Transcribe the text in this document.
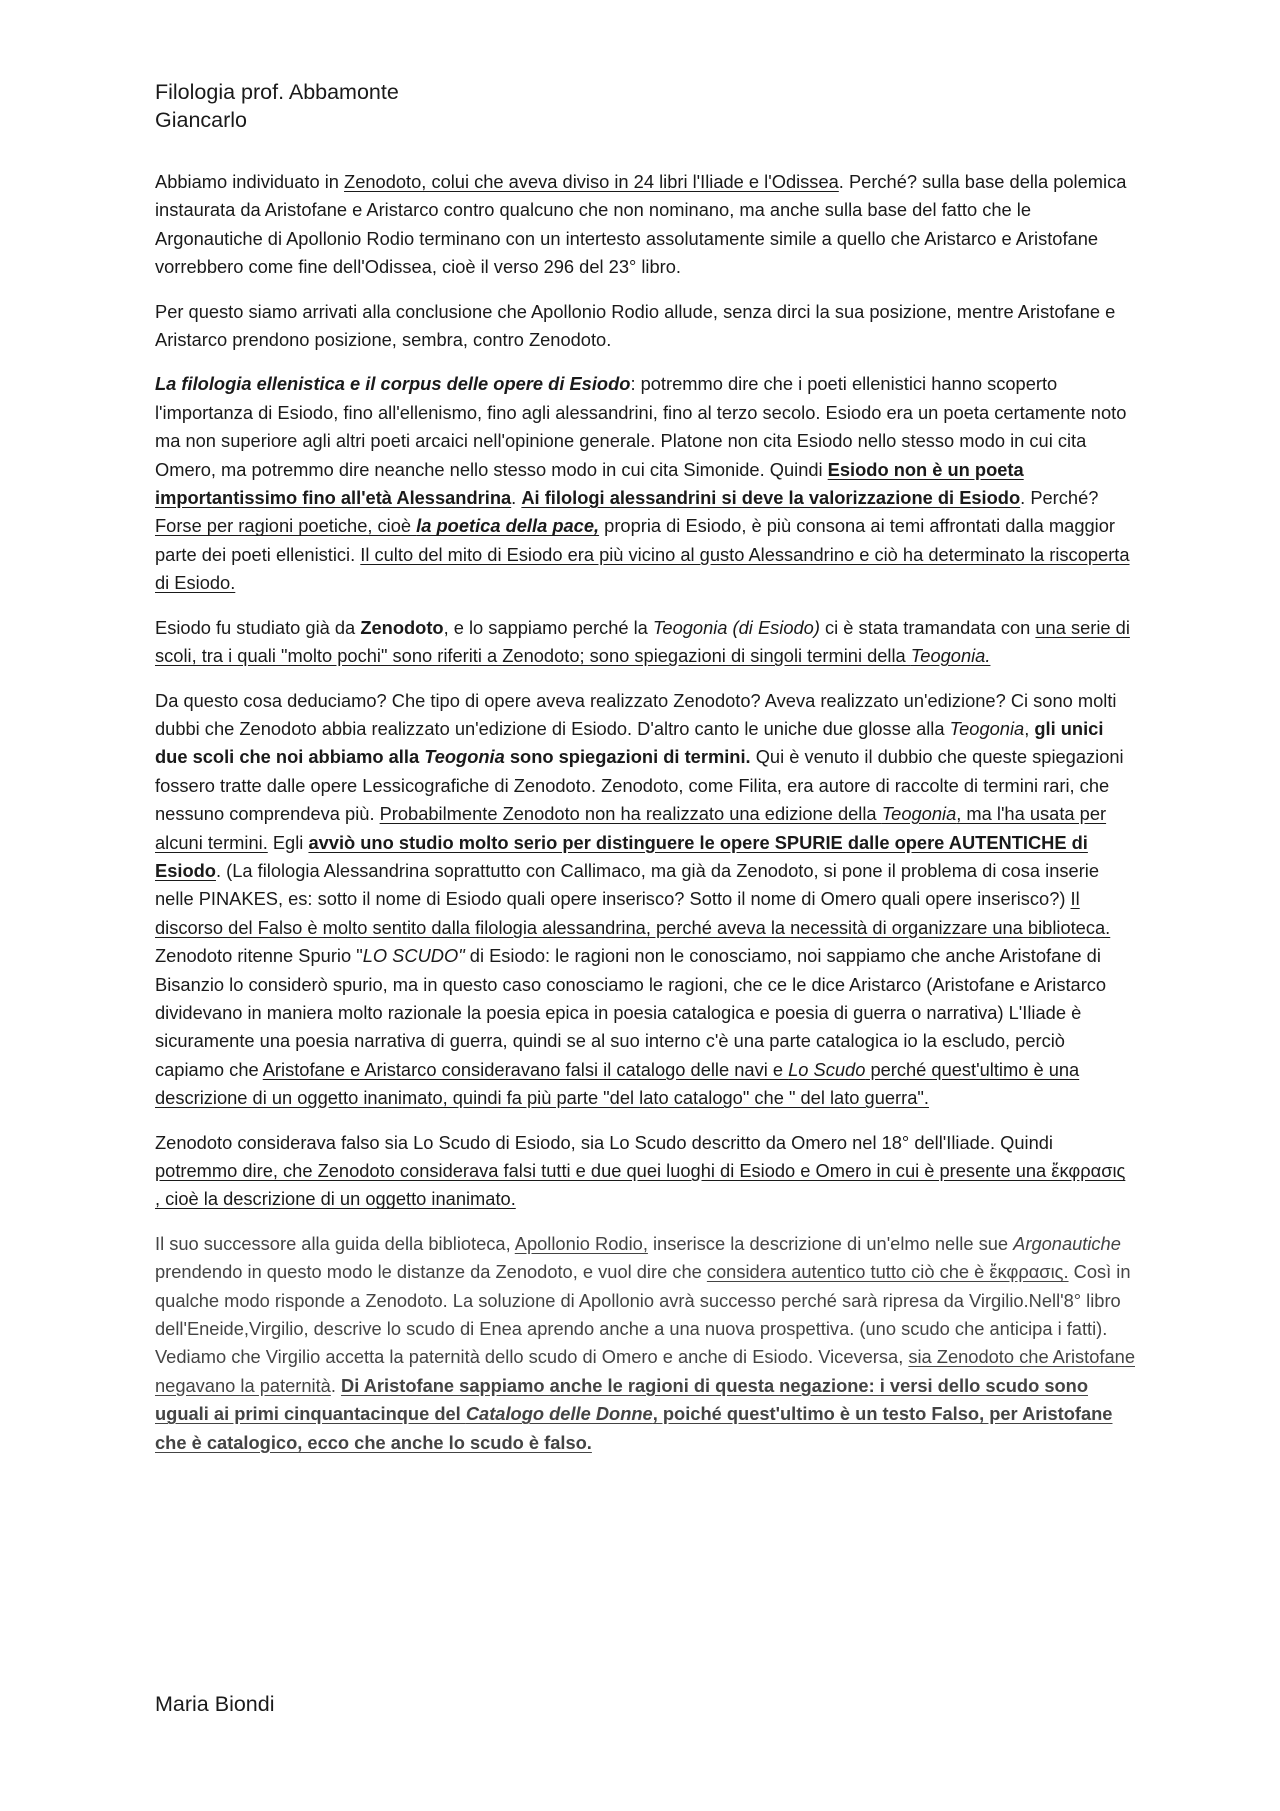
Filologia prof. Abbamonte

Giancarlo

Abbiamo individuato in Zenodoto, colui che aveva diviso in 24 libri l'Iliade e l'Odissea. Perché? sulla base della polemica instaurata da Aristofane e Aristarco contro qualcuno che non nominano, ma anche sulla base del fatto che le Argonautiche di Apollonio Rodio terminano con un intertesto assolutamente simile a quello che Aristarco e Aristofane vorrebbero come fine dell'Odissea, cioè il verso 296 del 23° libro.

Per questo siamo arrivati alla conclusione che Apollonio Rodio allude, senza dirci la sua posizione, mentre Aristofane e Aristarco prendono posizione, sembra, contro Zenodoto.

La filologia ellenistica e il corpus delle opere di Esiodo: potremmo dire che i poeti ellenistici hanno scoperto l'importanza di Esiodo, fino all'ellenismo, fino agli alessandrini, fino al terzo secolo. Esiodo era un poeta certamente noto ma non superiore agli altri poeti arcaici nell'opinione generale. Platone non cita Esiodo nello stesso modo in cui cita Omero, ma potremmo dire neanche nello stesso modo in cui cita Simonide. Quindi Esiodo non è un poeta importantissimo fino all'età Alessandrina. Ai filologi alessandrini si deve la valorizzazione di Esiodo. Perché? Forse per ragioni poetiche, cioè la poetica della pace, propria di Esiodo, è più consona ai temi affrontati dalla maggior parte dei poeti ellenistici. Il culto del mito di Esiodo era più vicino al gusto Alessandrino e ciò ha determinato la riscoperta di Esiodo.

Esiodo fu studiato già da Zenodoto, e lo sappiamo perché la Teogonia (di Esiodo) ci è stata tramandata con una serie di scoli, tra i quali "molto pochi" sono riferiti a Zenodoto; sono spiegazioni di singoli termini della Teogonia.

Da questo cosa deduciamo? Che tipo di opere aveva realizzato Zenodoto? Aveva realizzato un'edizione? Ci sono molti dubbi che Zenodoto abbia realizzato un'edizione di Esiodo. D'altro canto le uniche due glosse alla Teogonia, gli unici due scoli che noi abbiamo alla Teogonia sono spiegazioni di termini. Qui è venuto il dubbio che queste spiegazioni fossero tratte dalle opere Lessicografiche di Zenodoto. Zenodoto, come Filita, era autore di raccolte di termini rari, che nessuno comprendeva più. Probabilmente Zenodoto non ha realizzato una edizione della Teogonia, ma l'ha usata per alcuni termini. Egli avviò uno studio molto serio per distinguere le opere SPURIE dalle opere AUTENTICHE di Esiodo. (La filologia Alessandrina soprattutto con Callimaco, ma già da Zenodoto, si pone il problema di cosa inserie nelle PINAKES, es: sotto il nome di Esiodo quali opere inserisco? Sotto il nome di Omero quali opere inserisco?) Il discorso del Falso è molto sentito dalla filologia alessandrina, perché aveva la necessità di organizzare una biblioteca. Zenodoto ritenne Spurio "LO SCUDO" di Esiodo: le ragioni non le conosciamo, noi sappiamo che anche Aristofane di Bisanzio lo considerò spurio, ma in questo caso conosciamo le ragioni, che ce le dice Aristarco (Aristofane e Aristarco dividevano in maniera molto razionale la poesia epica in poesia catalogica e poesia di guerra o narrativa) L'Iliade è sicuramente una poesia narrativa di guerra, quindi se al suo interno c'è una parte catalogica io la escludo, perciò capiamo che Aristofane e Aristarco consideravano falsi il catalogo delle navi e Lo Scudo perché quest'ultimo è una descrizione di un oggetto inanimato, quindi fa più parte "del lato catalogo" che " del lato guerra".

Zenodoto considerava falso sia Lo Scudo di Esiodo, sia Lo Scudo descritto da Omero nel 18° dell'Iliade. Quindi potremmo dire, che Zenodoto considerava falsi tutti e due quei luoghi di Esiodo e Omero in cui è presente una ἔκφρασις , cioè la descrizione di un oggetto inanimato.

Il suo successore alla guida della biblioteca, Apollonio Rodio, inserisce la descrizione di un'elmo nelle sue Argonautiche prendendo in questo modo le distanze da Zenodoto, e vuol dire che considera autentico tutto ciò che è ἔκφρασις. Così in qualche modo risponde a Zenodoto. La soluzione di Apollonio avrà successo perché sarà ripresa da Virgilio.Nell'8° libro dell'Eneide,Virgilio, descrive lo scudo di Enea aprendo anche a una nuova prospettiva. (uno scudo che anticipa i fatti). Vediamo che Virgilio accetta la paternità dello scudo di Omero e anche di Esiodo. Viceversa, sia Zenodoto che Aristofane negavano la paternità. Di Aristofane sappiamo anche le ragioni di questa negazione: i versi dello scudo sono uguali ai primi cinquantacinque del Catalogo delle Donne, poiché quest'ultimo è un testo Falso, per Aristofane che è catalogico, ecco che anche lo scudo è falso.

Maria Biondi
